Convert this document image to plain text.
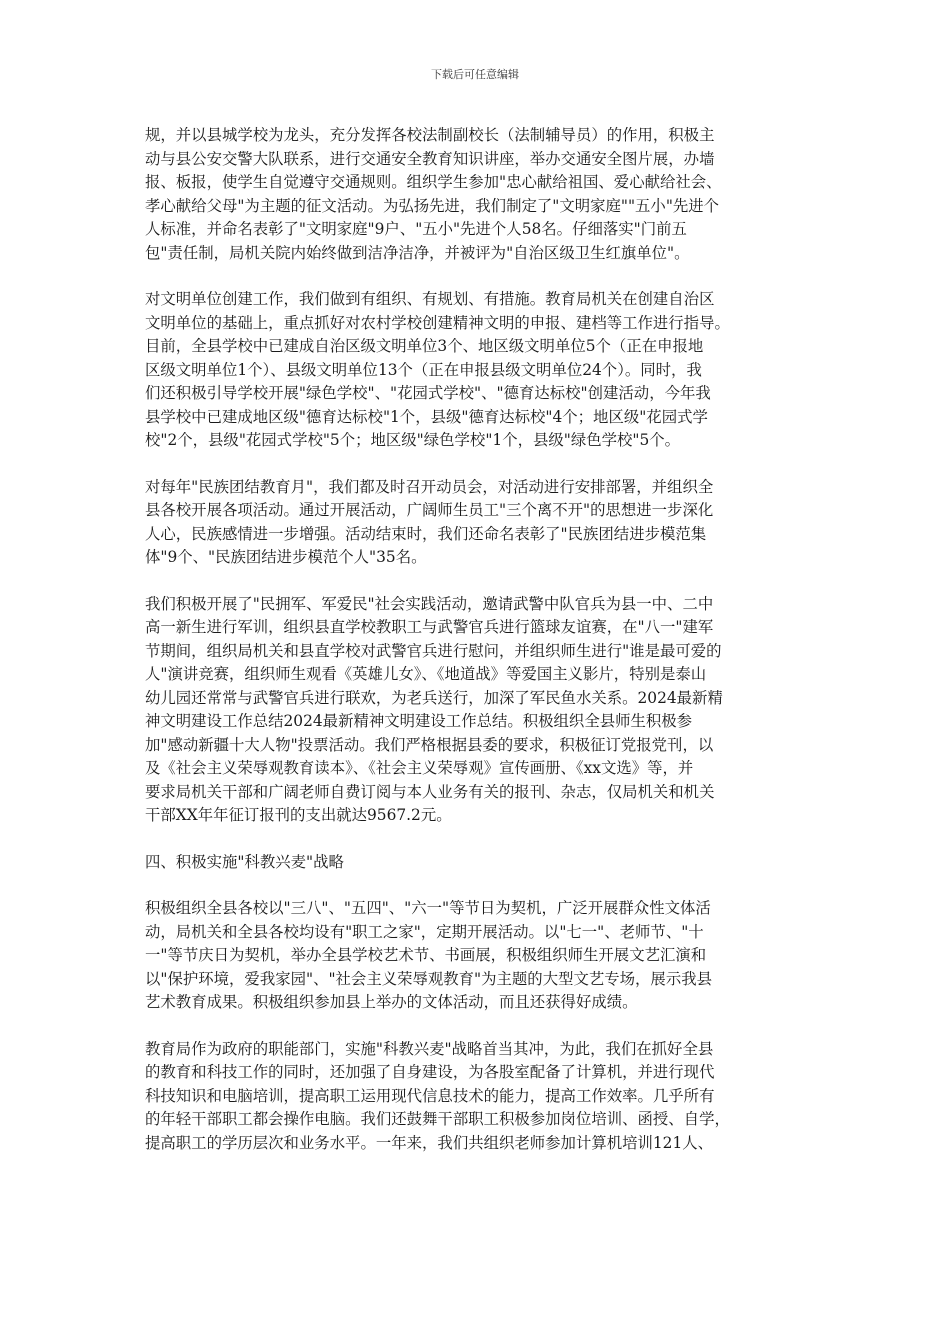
下载后可任意编辑

规，并以县城学校为龙头，充分发挥各校法制副校长（法制辅导员）的作用，积极主
动与县公安交警大队联系，进行交通安全教育知识讲座，举办交通安全图片展，办墙
报、板报，使学生自觉遵守交通规则。组织学生参加"忠心献给祖国、爱心献给社会、
孝心献给父母"为主题的征文活动。为弘扬先进，我们制定了"文明家庭""五小"先进个
人标准，并命名表彰了"文明家庭"9户、"五小"先进个人58名。仔细落实"门前五
包"责任制，局机关院内始终做到洁净洁净，并被评为"自治区级卫生红旗单位"。

对文明单位创建工作，我们做到有组织、有规划、有措施。教育局机关在创建自治区
文明单位的基础上，重点抓好对农村学校创建精神文明的申报、建档等工作进行指导。
目前，全县学校中已建成自治区级文明单位3个、地区级文明单位5个（正在申报地
区级文明单位1个）、县级文明单位13个（正在申报县级文明单位24个）。同时，我
们还积极引导学校开展"绿色学校"、"花园式学校"、"德育达标校"创建活动，今年我
县学校中已建成地区级"德育达标校"1个，县级"德育达标校"4个；地区级"花园式学
校"2个，县级"花园式学校"5个；地区级"绿色学校"1个，县级"绿色学校"5个。

对每年"民族团结教育月"，我们都及时召开动员会，对活动进行安排部署，并组织全
县各校开展各项活动。通过开展活动，广阔师生员工"三个离不开"的思想进一步深化
人心，民族感情进一步增强。活动结束时，我们还命名表彰了"民族团结进步模范集
体"9个、"民族团结进步模范个人"35名。

我们积极开展了"民拥军、军爱民"社会实践活动，邀请武警中队官兵为县一中、二中
高一新生进行军训，组织县直学校教职工与武警官兵进行篮球友谊赛，在"八一"建军
节期间，组织局机关和县直学校对武警官兵进行慰问，并组织师生进行"谁是最可爱的
人"演讲竞赛，组织师生观看《英雄儿女》、《地道战》等爱国主义影片，特别是泰山
幼儿园还常常与武警官兵进行联欢，为老兵送行，加深了军民鱼水关系。2024最新精
神文明建设工作总结2024最新精神文明建设工作总结。积极组织全县师生积极参
加"感动新疆十大人物"投票活动。我们严格根据县委的要求，积极征订党报党刊，以
及《社会主义荣辱观教育读本》、《社会主义荣辱观》宣传画册、《xx文选》等，并
要求局机关干部和广阔老师自费订阅与本人业务有关的报刊、杂志，仅局机关和机关
干部XX年年征订报刊的支出就达9567.2元。

四、积极实施"科教兴麦"战略

积极组织全县各校以"三八"、"五四"、"六一"等节日为契机，广泛开展群众性文体活
动，局机关和全县各校均设有"职工之家"，定期开展活动。以"七一"、老师节、"十
一"等节庆日为契机，举办全县学校艺术节、书画展，积极组织师生开展文艺汇演和
以"保护环境，爱我家园"、"社会主义荣辱观教育"为主题的大型文艺专场，展示我县
艺术教育成果。积极组织参加县上举办的文体活动，而且还获得好成绩。

教育局作为政府的职能部门，实施"科教兴麦"战略首当其冲，为此，我们在抓好全县
的教育和科技工作的同时，还加强了自身建设，为各股室配备了计算机，并进行现代
科技知识和电脑培训，提高职工运用现代信息技术的能力，提高工作效率。几乎所有
的年轻干部职工都会操作电脑。我们还鼓舞干部职工积极参加岗位培训、函授、自学，
提高职工的学历层次和业务水平。一年来，我们共组织老师参加计算机培训121人、
